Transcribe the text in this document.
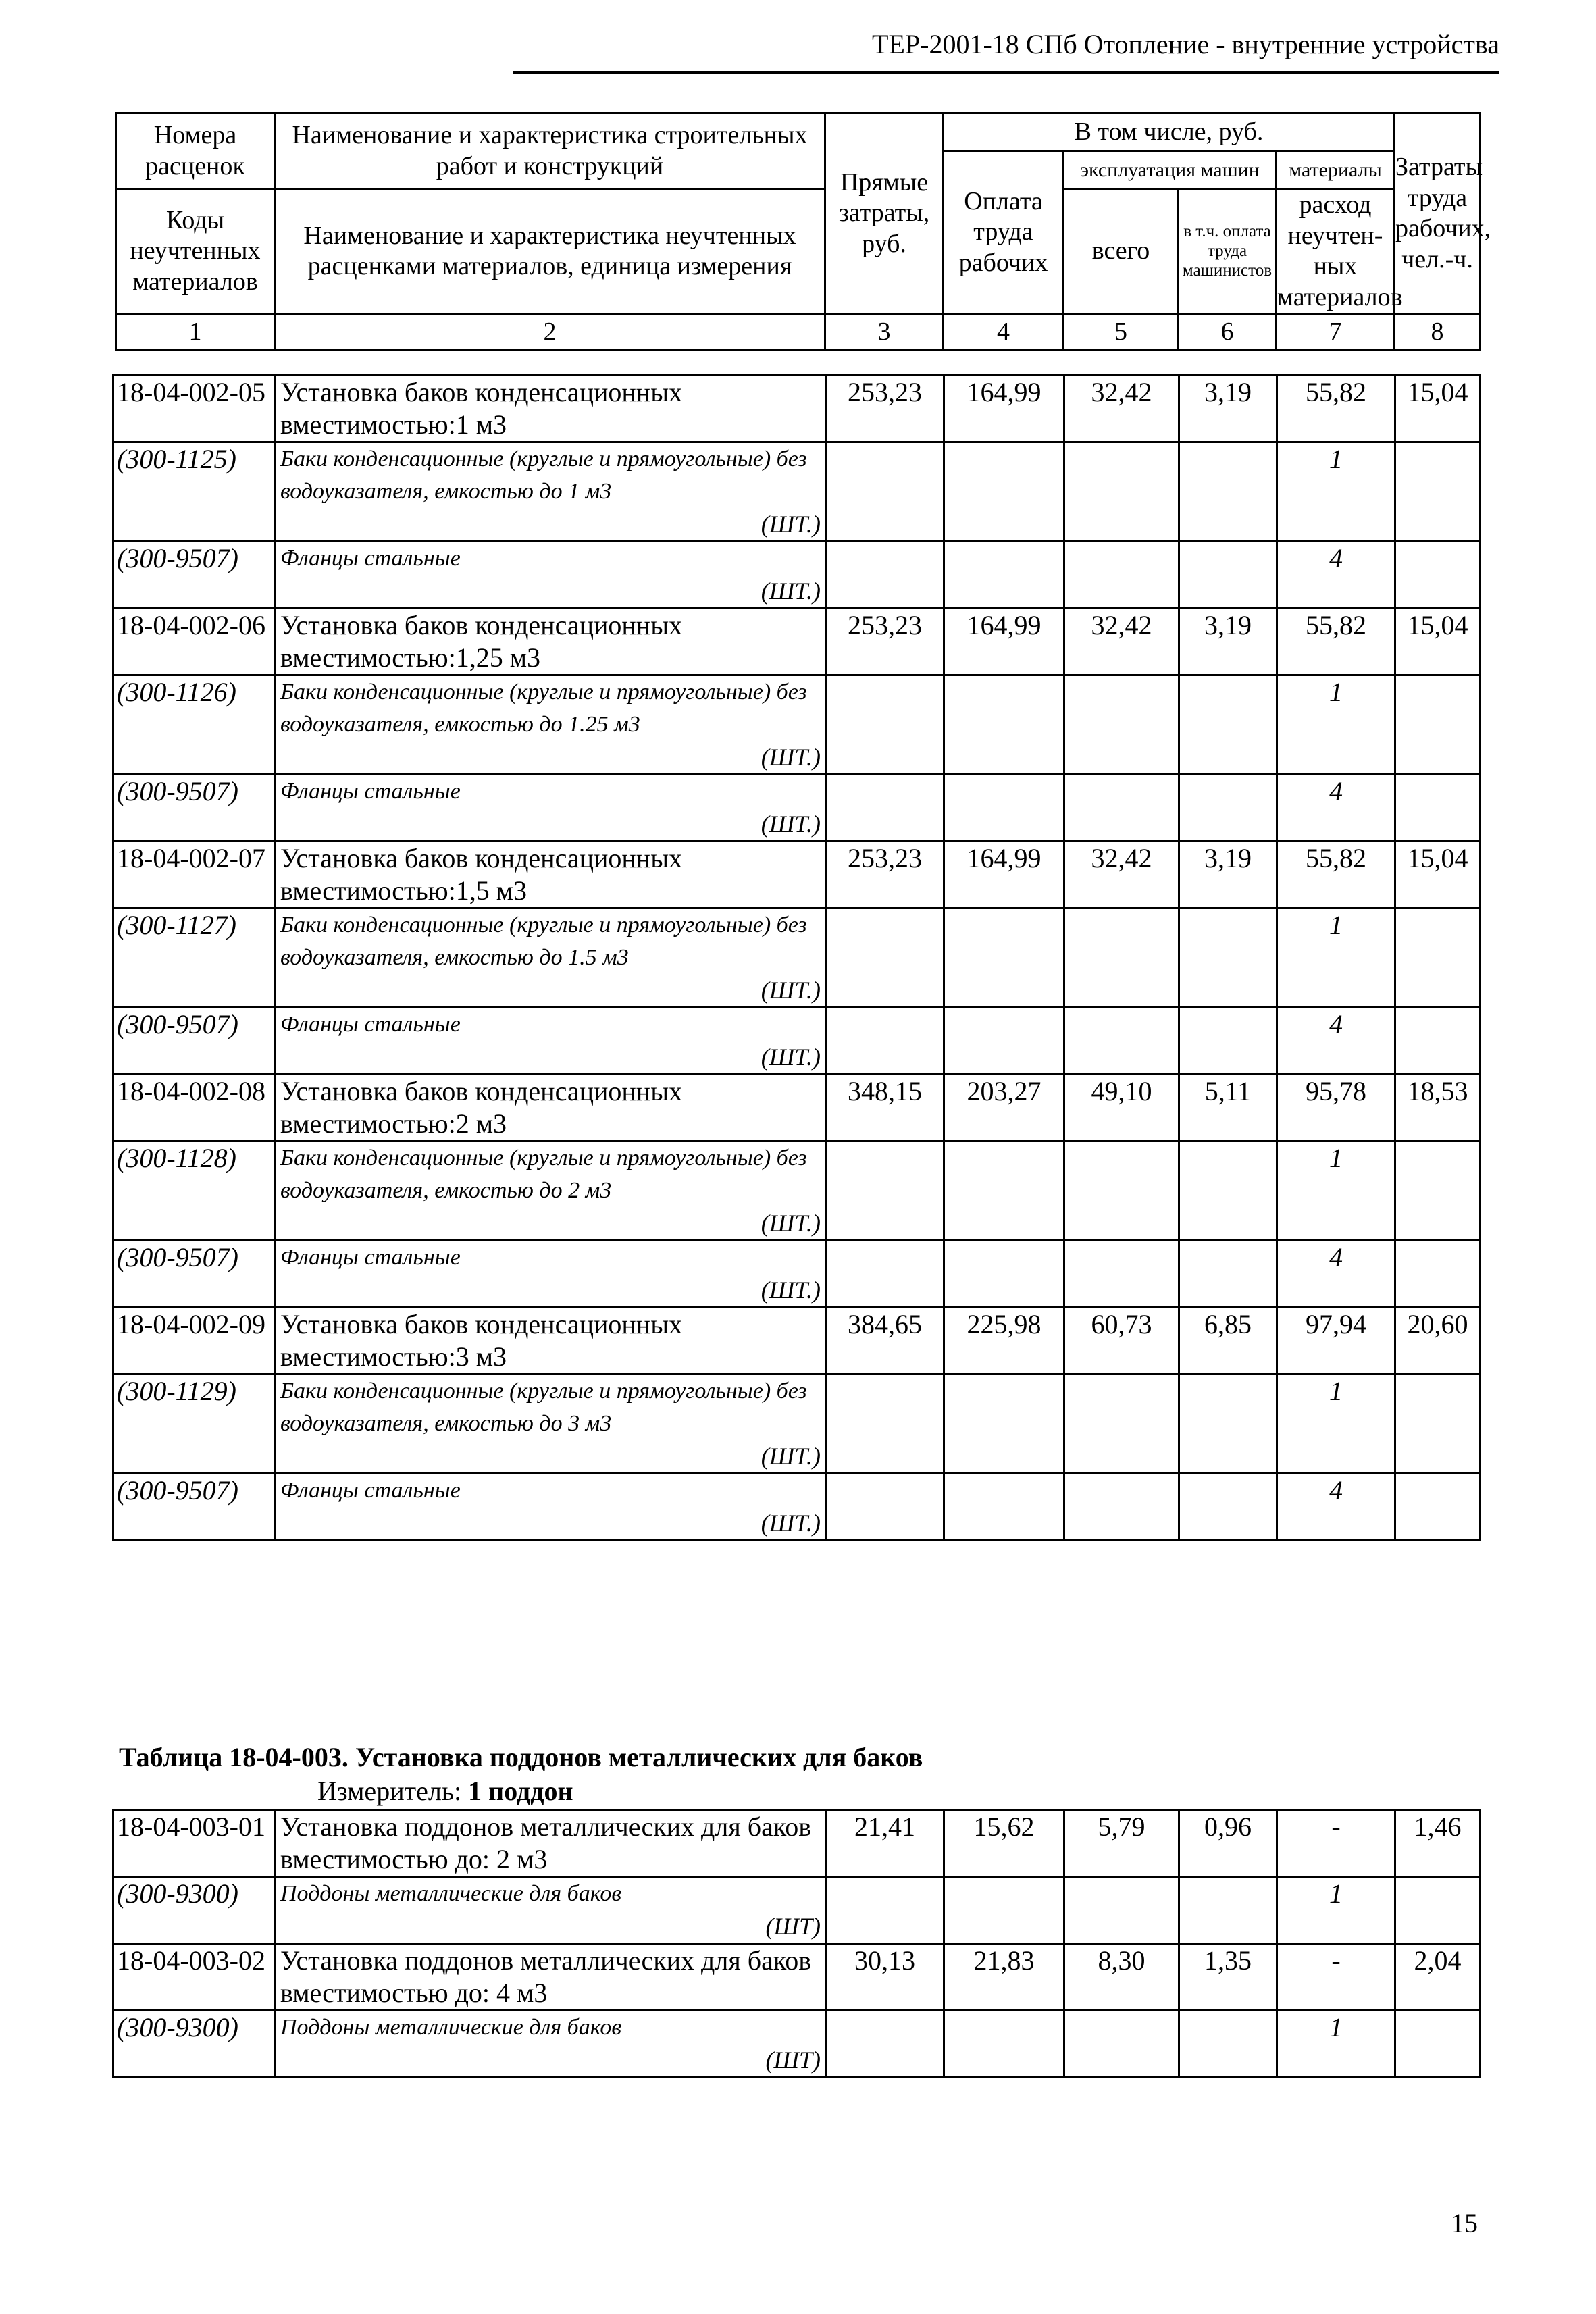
ТЕР-2001-18 СПб Отопление - внутренние устройства
Номера расценок	Наименование и характеристика строительных работ и конструкций	Прямые затраты, руб.	В том числе, руб.				Затраты труда рабочих, чел.-ч.
			Оплата труда рабочих	эксплуатация машин		материалы	
Коды неучтенных материалов	Наименование и характеристика неучтенных расценками материалов, единица измерения			всего	в т.ч. оплата труда машинистов	расход неучтен-ных материалов	

1	2	3	4	5	6	7	8
18-04-002-05	Установка баков конденсационных вместимостью:1 м3	253,23	164,99	32,42	3,19	55,82	15,04
(300-1125)	Баки конденсационные (круглые и прямоугольные) без водоуказателя, емкостью до 1 м3
(ШТ.)					1	
(300-9507)	Фланцы стальные
(ШТ.)					4	
18-04-002-06	Установка баков конденсационных вместимостью:1,25 м3	253,23	164,99	32,42	3,19	55,82	15,04
(300-1126)	Баки конденсационные (круглые и прямоугольные) без водоуказателя, емкостью до 1.25 м3
(ШТ.)					1	
(300-9507)	Фланцы стальные
(ШТ.)					4	
18-04-002-07	Установка баков конденсационных вместимостью:1,5 м3	253,23	164,99	32,42	3,19	55,82	15,04
(300-1127)	Баки конденсационные (круглые и прямоугольные) без водоуказателя, емкостью до 1.5 м3
(ШТ.)					1	
(300-9507)	Фланцы стальные
(ШТ.)					4	
18-04-002-08	Установка баков конденсационных вместимостью:2 м3	348,15	203,27	49,10	5,11	95,78	18,53
(300-1128)	Баки конденсационные (круглые и прямоугольные) без водоуказателя, емкостью до 2 м3
(ШТ.)					1	
(300-9507)	Фланцы стальные
(ШТ.)					4	
18-04-002-09	Установка баков конденсационных вместимостью:3 м3	384,65	225,98	60,73	6,85	97,94	20,60
(300-1129)	Баки конденсационные (круглые и прямоугольные) без водоуказателя, емкостью до 3 м3
(ШТ.)					1	
(300-9507)	Фланцы стальные
(ШТ.)					4	
Таблица 18-04-003. Установка поддонов металлических для баков
Измеритель: 1 поддон
18-04-003-01	Установка поддонов металлических для баков вместимостью до: 2 м3	21,41	15,62	5,79	0,96	-	1,46
(300-9300)	Поддоны металлические для баков
(ШТ)					1	
18-04-003-02	Установка поддонов металлических для баков вместимостью до: 4 м3	30,13	21,83	8,30	1,35	-	2,04
(300-9300)	Поддоны металлические для баков
(ШТ)					1	
15
